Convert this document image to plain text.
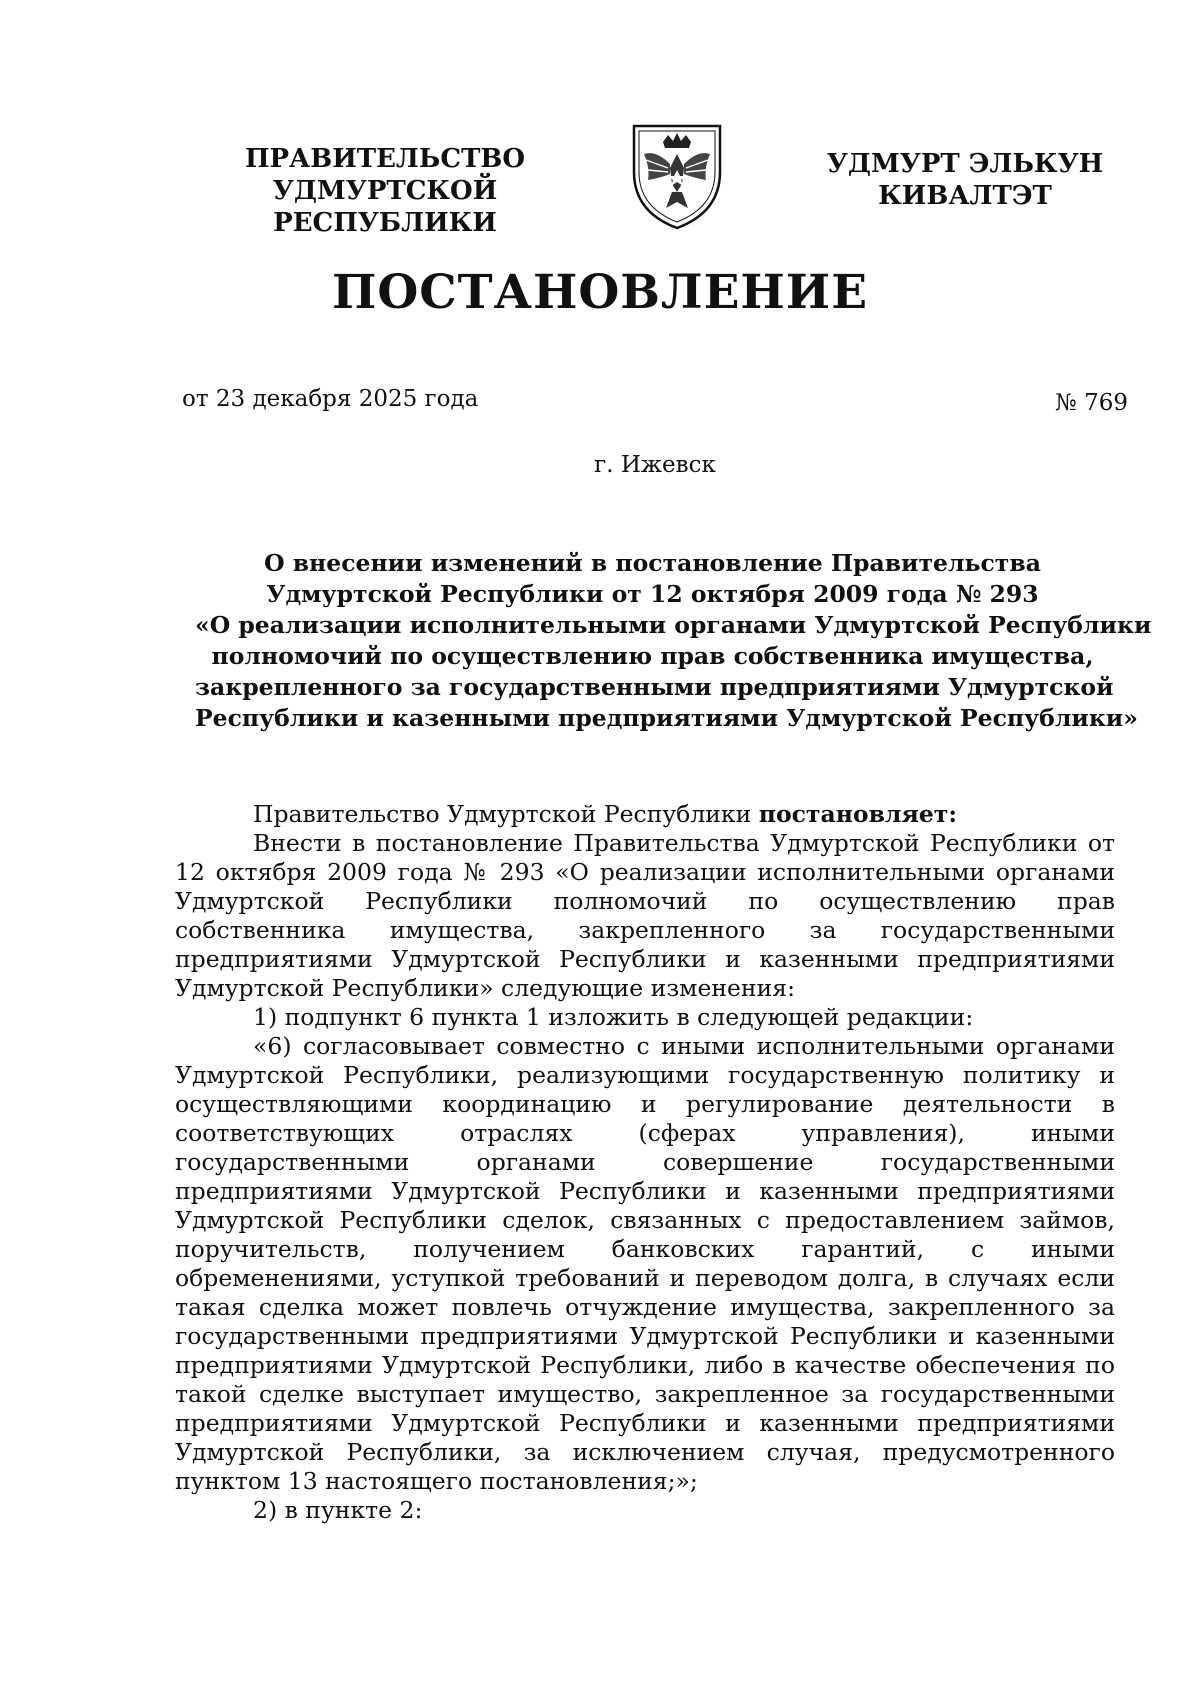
ПРАВИТЕЛЬСТВО
УДМУРТСКОЙ РЕСПУБЛИКИ
УДМУРТ ЭЛЬКУН
КИВАЛТЭТ
ПОСТАНОВЛЕНИЕ
от 23 декабря 2025 года	№ 769
г. Ижевск
О внесении изменений в постановление Правительства
Удмуртской Республики от 12 октября 2009 года № 293
«О реализации исполнительными органами Удмуртской Республики
полномочий по осуществлению прав собственника имущества,
закрепленного за государственными предприятиями Удмуртской
Республики и казенными предприятиями Удмуртской Республики»

Правительство Удмуртской Республики постановляет:

Внести в постановление Правительства Удмуртской Республики от 12 октября 2009 года № 293 «О реализации исполнительными органами Удмуртской Республики полномочий по осуществлению прав собственника имущества, закрепленного за государственными предприятиями Удмуртской Республики и казенными предприятиями Удмуртской Республики» следующие изменения:

1) подпункт 6 пункта 1 изложить в следующей редакции:

«6) согласовывает совместно с иными исполнительными органами Удмуртской Республики, реализующими государственную политику и осуществляющими координацию и регулирование деятельности в соответствующих отраслях (сферах управления), иными государственными органами совершение государственными предприятиями Удмуртской Республики и казенными предприятиями Удмуртской Республики сделок, связанных с предоставлением займов, поручительств, получением банковских гарантий, с иными обременениями, уступкой требований и переводом долга, в случаях если такая сделка может повлечь отчуждение имущества, закрепленного за государственными предприятиями Удмуртской Республики и казенными предприятиями Удмуртской Республики, либо в качестве обеспечения по такой сделке выступает имущество, закрепленное за государственными предприятиями Удмуртской Республики и казенными предприятиями Удмуртской Республики, за исключением случая, предусмотренного пунктом 13 настоящего постановления;»;

2) в пункте 2:
